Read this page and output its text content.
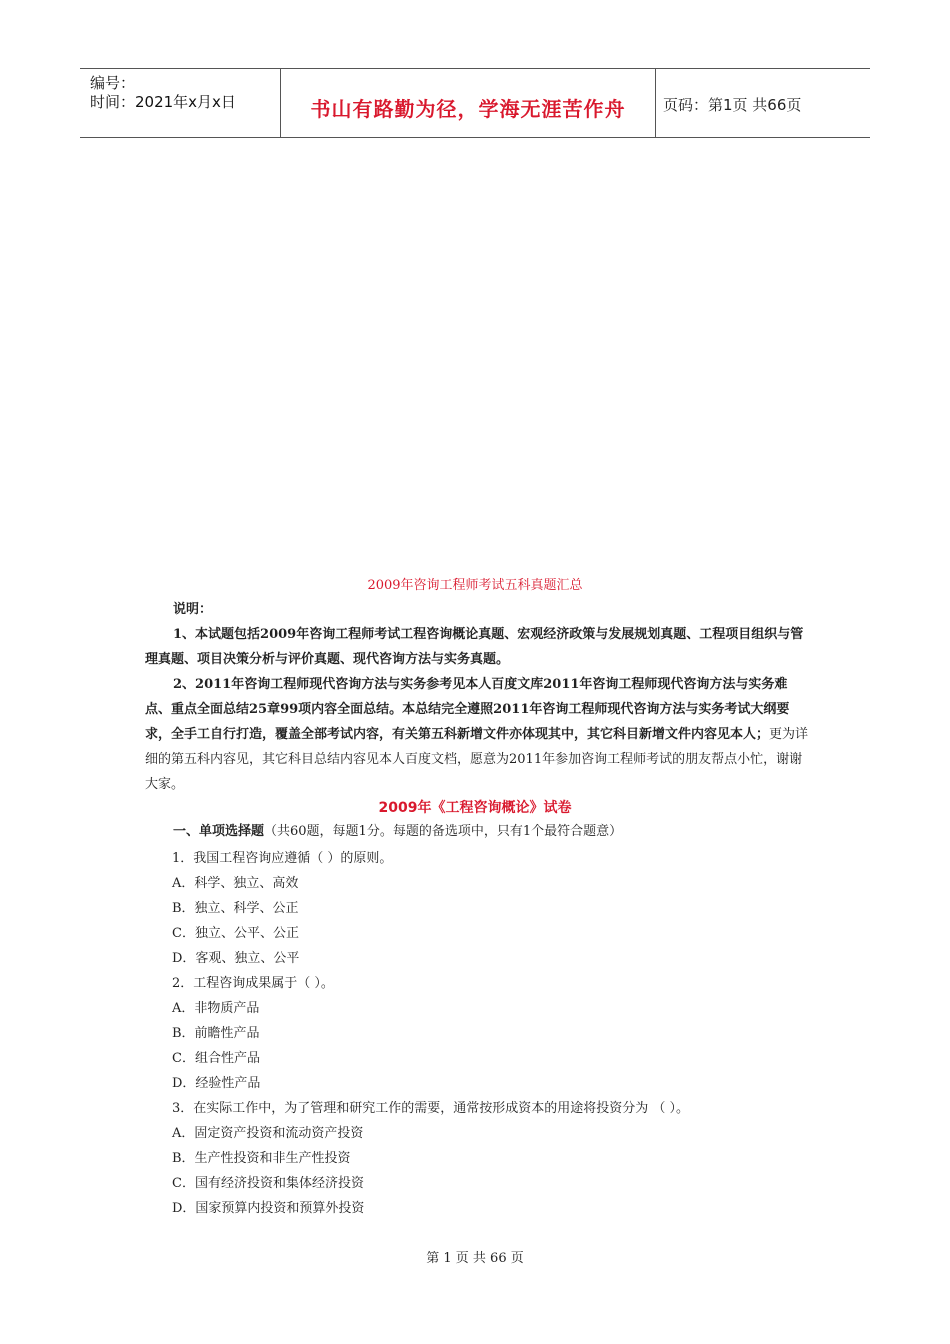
编号：
时间：2021年x月x日	书山有路勤为径，学海无涯苦作舟	页码：第1页 共66页
2009年咨询工程师考试五科真题汇总
说明：
1、本试题包括2009年咨询工程师考试工程咨询概论真题、宏观经济政策与发展规划真题、工程项目组织与管理真题、项目决策分析与评价真题、现代咨询方法与实务真题。
2、2011年咨询工程师现代咨询方法与实务参考见本人百度文库2011年咨询工程师现代咨询方法与实务难点、重点全面总结25章99项内容全面总结。本总结完全遵照2011年咨询工程师现代咨询方法与实务考试大纲要求，全手工自行打造，覆盖全部考试内容，有关第五科新增文件亦体现其中，其它科目新增文件内容见本人；更为详细的第五科内容见，其它科目总结内容见本人百度文档，愿意为2011年参加咨询工程师考试的朋友帮点小忙，谢谢大家。
2009年《工程咨询概论》试卷
一、单项选择题（共60题，每题1分。每题的备选项中，只有1个最符合题意）
1．我国工程咨询应遵循（ ）的原则。
A．科学、独立、高效
B．独立、科学、公正
C．独立、公平、公正
D．客观、独立、公平
2．工程咨询成果属于（ ）。
A．非物质产品
B．前瞻性产品
C．组合性产品
D．经验性产品
3．在实际工作中，为了管理和研究工作的需要，通常按形成资本的用途将投资分为 （ ）。
A．固定资产投资和流动资产投资
B．生产性投资和非生产性投资
C．国有经济投资和集体经济投资
D．国家预算内投资和预算外投资
第 1 页 共 66 页
